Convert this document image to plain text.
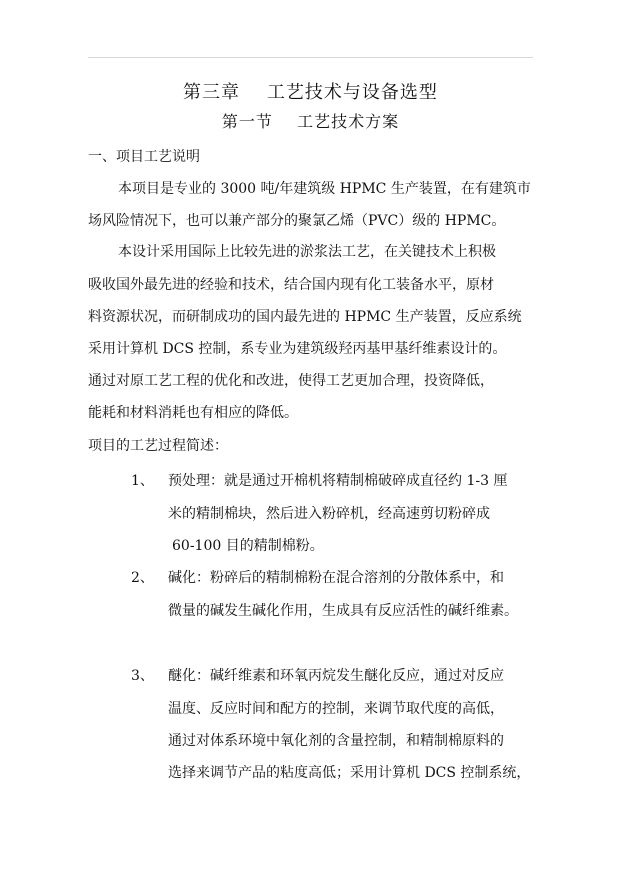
第三章    工艺技术与设备选型
第一节    工艺技术方案
一、项目工艺说明
本项目是专业的 3000 吨/年建筑级 HPMC 生产装置，在有建筑市
场风险情况下，也可以兼产部分的聚氯乙烯（PVC）级的 HPMC。
本设计采用国际上比较先进的淤浆法工艺，在关键技术上积极
吸收国外最先进的经验和技术，结合国内现有化工装备水平，原材
料资源状况，而研制成功的国内最先进的 HPMC 生产装置，反应系统
采用计算机 DCS 控制，系专业为建筑级羟丙基甲基纤维素设计的。
通过对原工艺工程的优化和改进，使得工艺更加合理，投资降低，
能耗和材料消耗也有相应的降低。
项目的工艺过程简述：
1、 预处理：就是通过开棉机将精制棉破碎成直径约 1-3 厘
米的精制棉块，然后进入粉碎机，经高速剪切粉碎成
60-100 目的精制棉粉。
2、 碱化：粉碎后的精制棉粉在混合溶剂的分散体系中，和
微量的碱发生碱化作用，生成具有反应活性的碱纤维素。
3、 醚化：碱纤维素和环氧丙烷发生醚化反应，通过对反应
温度、反应时间和配方的控制，来调节取代度的高低，
通过对体系环境中氧化剂的含量控制，和精制棉原料的
选择来调节产品的粘度高低；采用计算机 DCS 控制系统，
